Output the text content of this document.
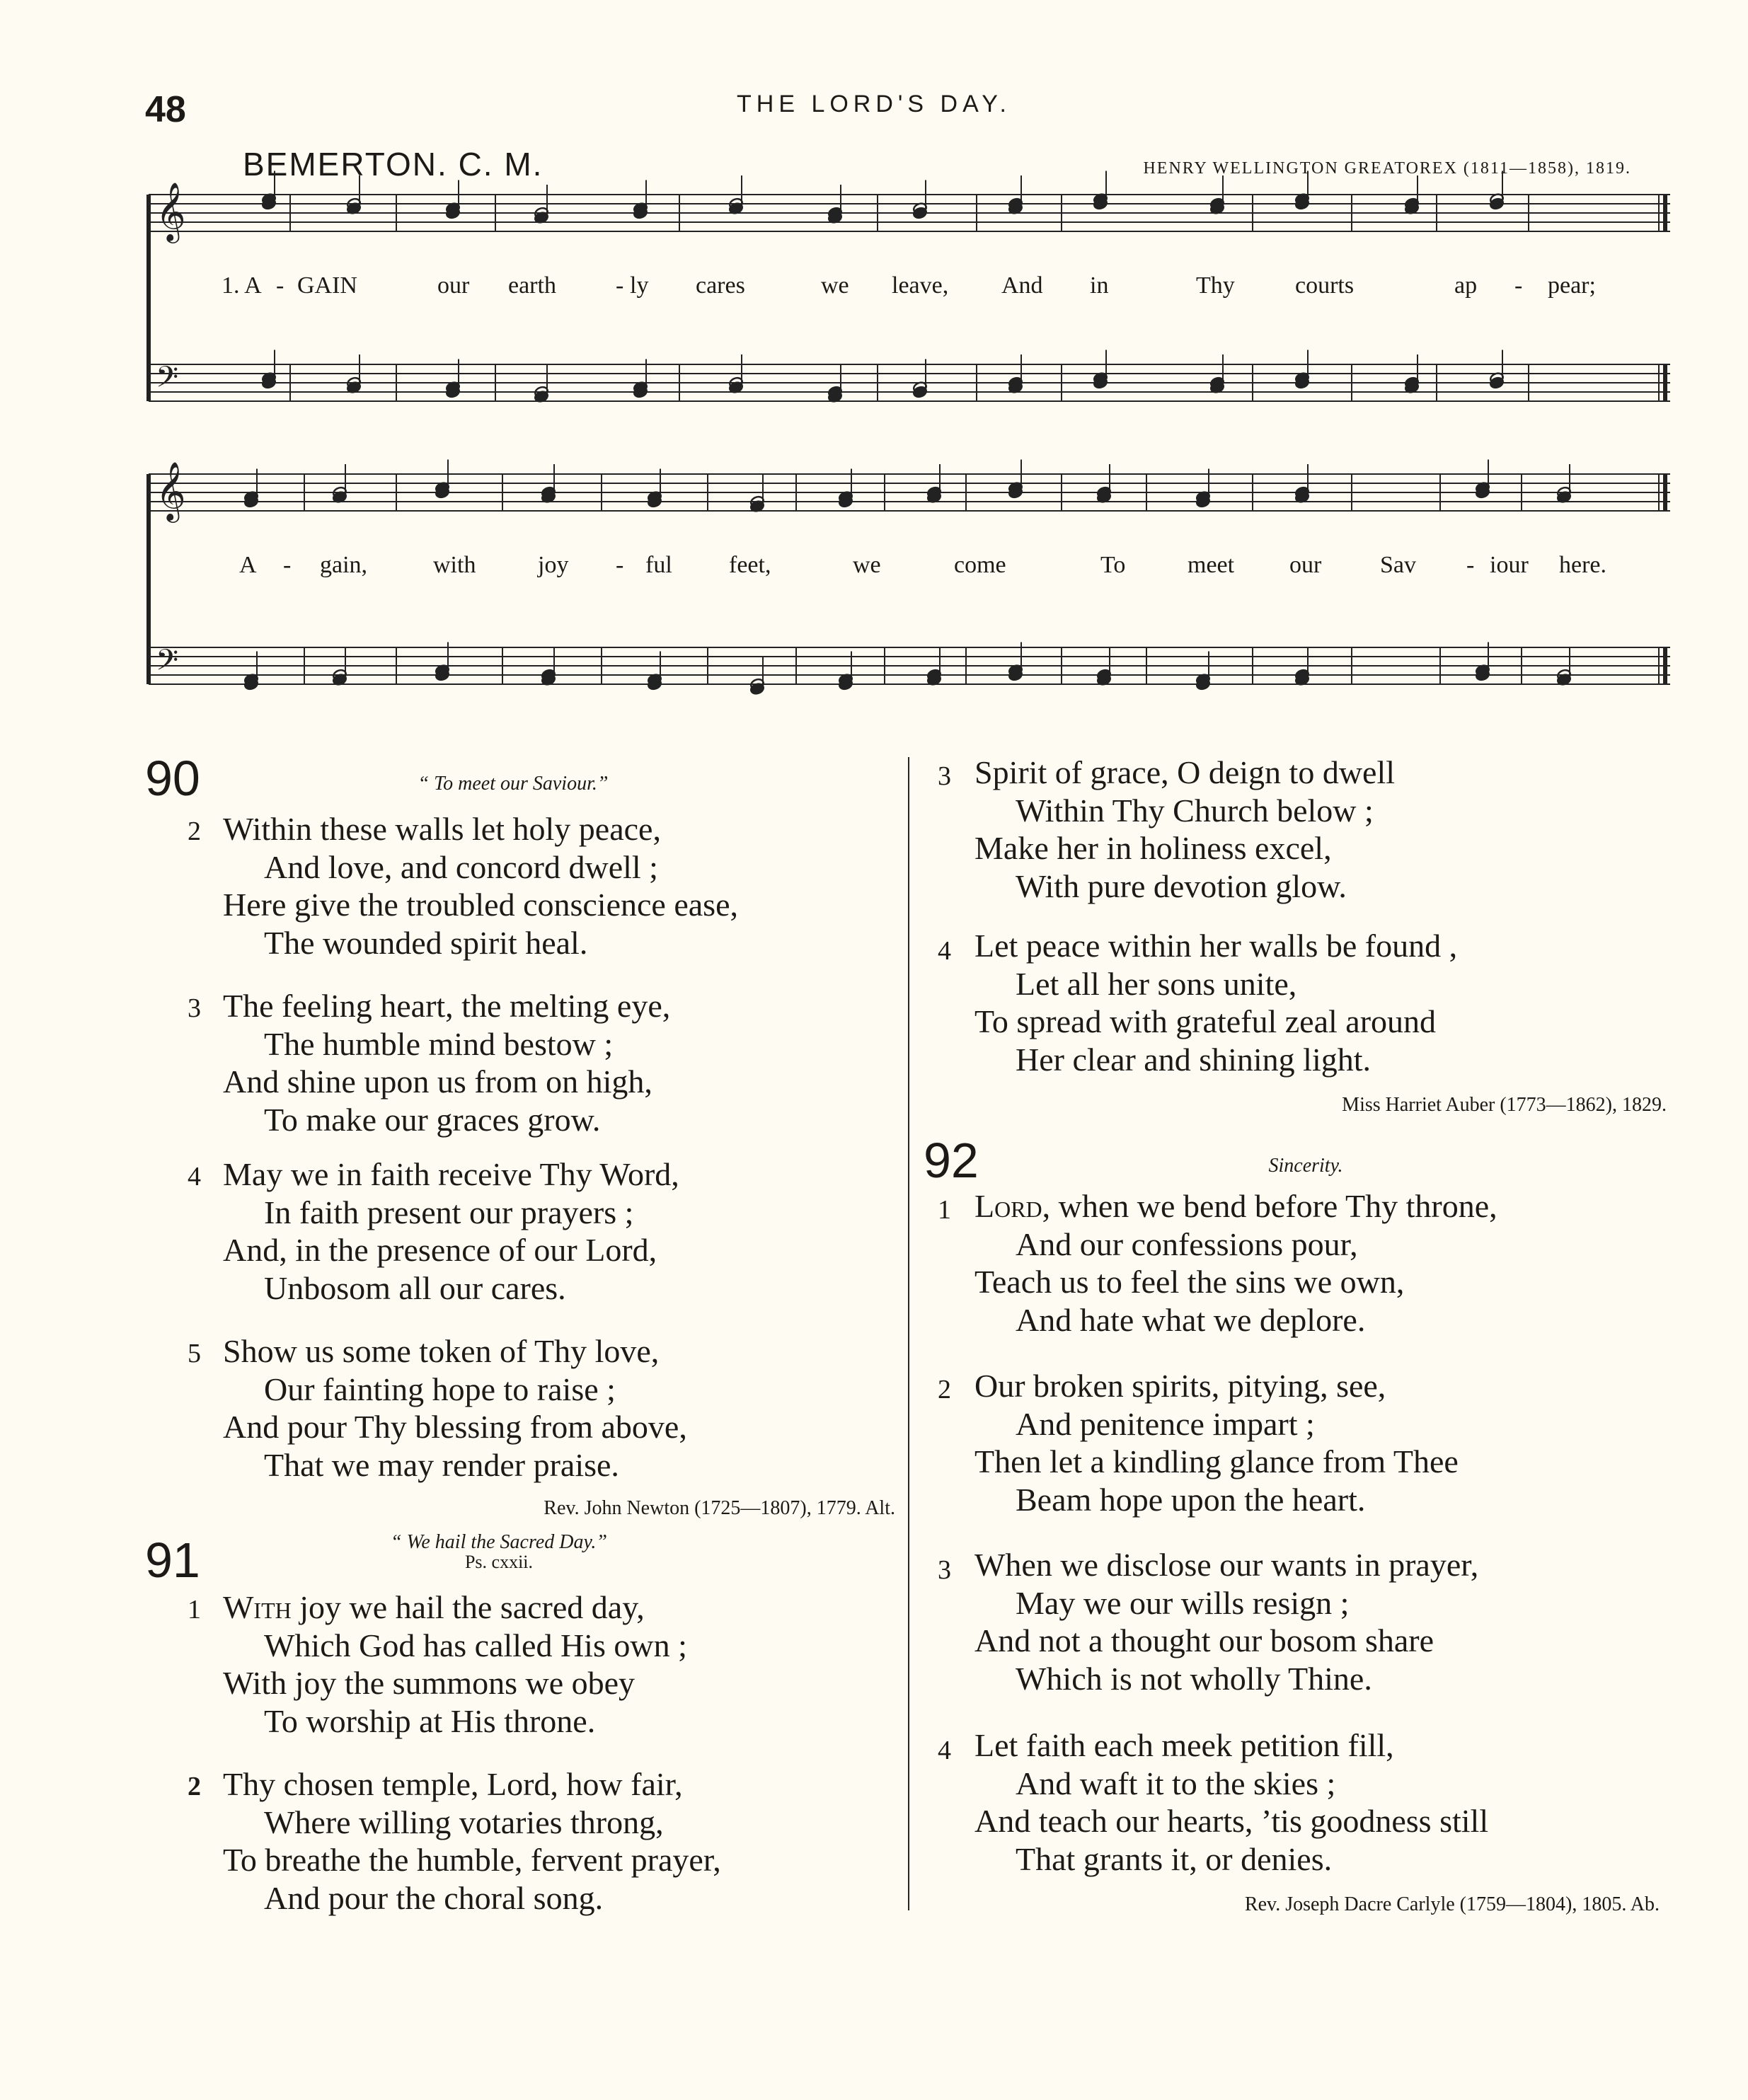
48	THE LORD'S DAY.
BEMERTON. C. M.	HENRY WELLINGTON GREATOREX (1811—1858), 1819.
𝄞
𝄢
1. A - GAIN	our earth - ly cares	we leave, And in	Thy	courts	ap - pear;
𝄞
𝄢
A - gain,	with	joy - ful feet,	we	come	To	meet our Sav - iour here.
90	“ To meet our Saviour.”
2 Within these walls let holy peace,
And love, and concord dwell ;
Here give the troubled conscience ease,
The wounded spirit heal.
3 The feeling heart, the melting eye,
The humble mind bestow ;
And shine upon us from on high,
To make our graces grow.
4 May we in faith receive Thy Word,
In faith present our prayers ;
And, in the presence of our Lord,
Unbosom all our cares.
5 Show us some token of Thy love,
Our fainting hope to raise ;
And pour Thy blessing from above,
That we may render praise.
Rev. John Newton (1725—1807), 1779. Alt.
91	“ We hail the Sacred Day.”
Ps. cxxii.
1 With joy we hail the sacred day,
Which God has called His own ;
With joy the summons we obey
To worship at His throne.
2 Thy chosen temple, Lord, how fair,
Where willing votaries throng,
To breathe the humble, fervent prayer,
And pour the choral song.
3 Spirit of grace, O deign to dwell
Within Thy Church below ;
Make her in holiness excel,
With pure devotion glow.
4 Let peace within her walls be found ,
Let all her sons unite,
To spread with grateful zeal around
Her clear and shining light.
Miss Harriet Auber (1773—1862), 1829.
92	Sincerity.
1 Lord, when we bend before Thy throne,
And our confessions pour,
Teach us to feel the sins we own,
And hate what we deplore.
2 Our broken spirits, pitying, see,
And penitence impart ;
Then let a kindling glance from Thee
Beam hope upon the heart.
3 When we disclose our wants in prayer,
May we our wills resign ;
And not a thought our bosom share
Which is not wholly Thine.
4 Let faith each meek petition fill,
And waft it to the skies ;
And teach our hearts, ’tis goodness still
That grants it, or denies.
Rev. Joseph Dacre Carlyle (1759—1804), 1805. Ab.
